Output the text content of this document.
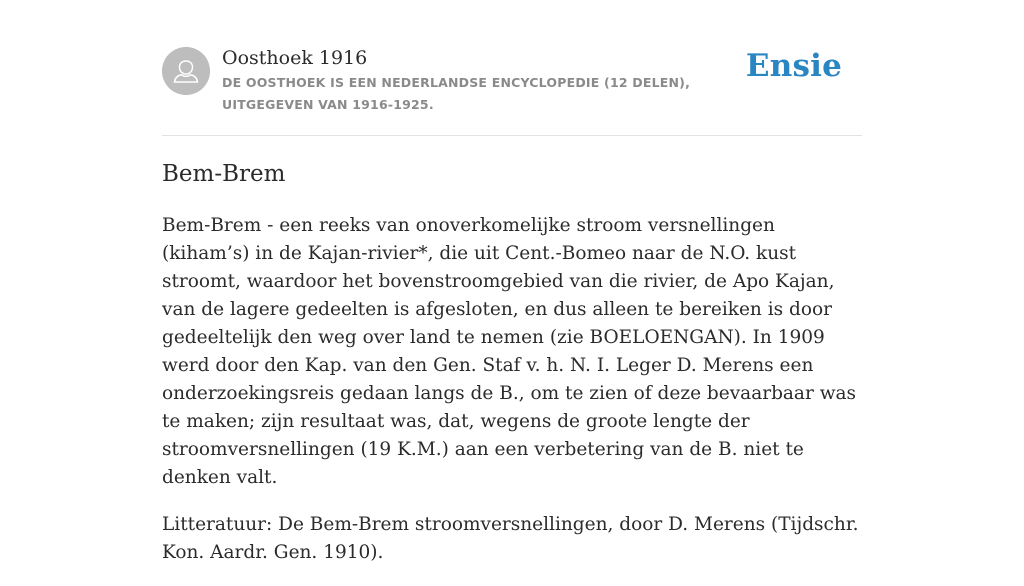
Oosthoek 1916
DE OOSTHOEK IS EEN NEDERLANDSE ENCYCLOPEDIE (12 DELEN), UITGEGEVEN VAN 1916-1925.
Ensie
Bem-Brem

Bem-Brem - een reeks van onoverkomelijke stroom versnellingen (kiham’s) in de Kajan-rivier*, die uit Cent.-Bomeo naar de N.O. kust stroomt, waardoor het bovenstroomgebied van die rivier, de Apo Kajan, van de lagere gedeelten is afgesloten, en dus alleen te bereiken is door gedeeltelijk den weg over land te nemen (zie BOELOENGAN). In 1909 werd door den Kap. van den Gen. Staf v. h. N. I. Leger D. Merens een onderzoekingsreis gedaan langs de B., om te zien of deze bevaarbaar was te maken; zijn resultaat was, dat, wegens de groote lengte der stroomversnellingen (19 K.M.) aan een verbetering van de B. niet te denken valt.

Litteratuur: De Bem-Brem stroomversnellingen, door D. Merens (Tijdschr. Kon. Aardr. Gen. 1910).
